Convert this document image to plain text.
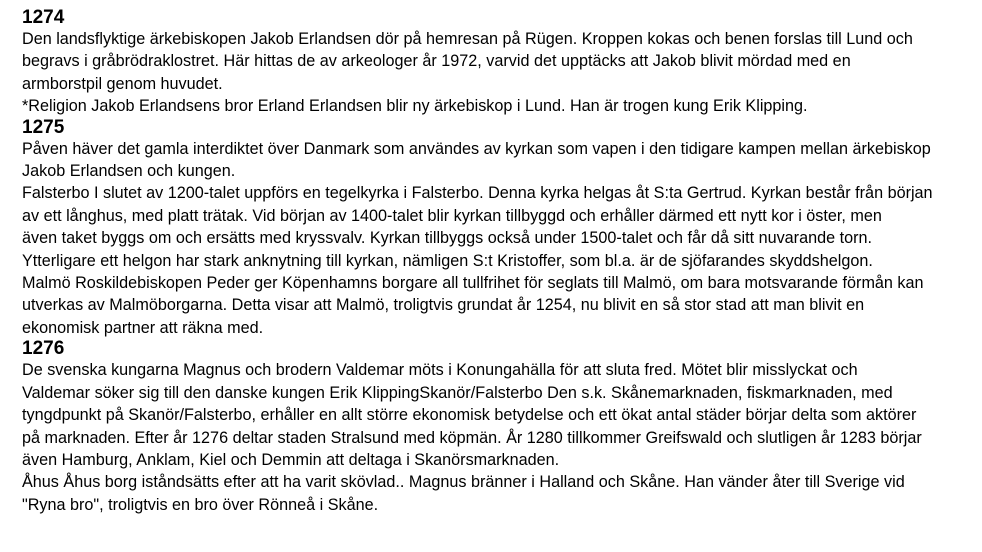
1274

Den landsflyktige ärkebiskopen Jakob Erlandsen dör på hemresan på Rügen. Kroppen kokas och benen forslas till Lund och
begravs i gråbrödraklostret. Här hittas de av arkeologer år 1972, varvid det upptäcks att Jakob blivit mördad med en
armborstpil genom huvudet.

*Religion Jakob Erlandsens bror Erland Erlandsen blir ny ärkebiskop i Lund. Han är trogen kung Erik Klipping.

1275

Påven häver det gamla interdiktet över Danmark som användes av kyrkan som vapen i den tidigare kampen mellan ärkebiskop
Jakob Erlandsen och kungen.

Falsterbo I slutet av 1200-talet uppförs en tegelkyrka i Falsterbo. Denna kyrka helgas åt S:ta Gertrud. Kyrkan består från början
av ett långhus, med platt trätak. Vid början av 1400-talet blir kyrkan tillbyggd och erhåller därmed ett nytt kor i öster, men
även taket byggs om och ersätts med kryssvalv. Kyrkan tillbyggs också under 1500-talet och får då sitt nuvarande torn.
Ytterligare ett helgon har stark anknytning till kyrkan, nämligen S:t Kristoffer, som bl.a. är de sjöfarandes skyddshelgon.

Malmö Roskildebiskopen Peder ger Köpenhamns borgare all tullfrihet för seglats till Malmö, om bara motsvarande förmån kan
utverkas av Malmöborgarna. Detta visar att Malmö, troligtvis grundat år 1254, nu blivit en så stor stad att man blivit en
ekonomisk partner att räkna med.

1276

De svenska kungarna Magnus och brodern Valdemar möts i Konungahälla för att sluta fred. Mötet blir misslyckat och
Valdemar söker sig till den danske kungen Erik KlippingSkanör/Falsterbo Den s.k. Skånemarknaden, fiskmarknaden, med
tyngdpunkt på Skanör/Falsterbo, erhåller en allt större ekonomisk betydelse och ett ökat antal städer börjar delta som aktörer
på marknaden. Efter år 1276 deltar staden Stralsund med köpmän. År 1280 tillkommer Greifswald och slutligen år 1283 börjar
även Hamburg, Anklam, Kiel och Demmin att deltaga i Skanörsmarknaden.

Åhus Åhus borg iståndsätts efter att ha varit skövlad.. Magnus bränner i Halland och Skåne. Han vänder åter till Sverige vid
"Ryna bro", troligtvis en bro över Rönneå i Skåne.
